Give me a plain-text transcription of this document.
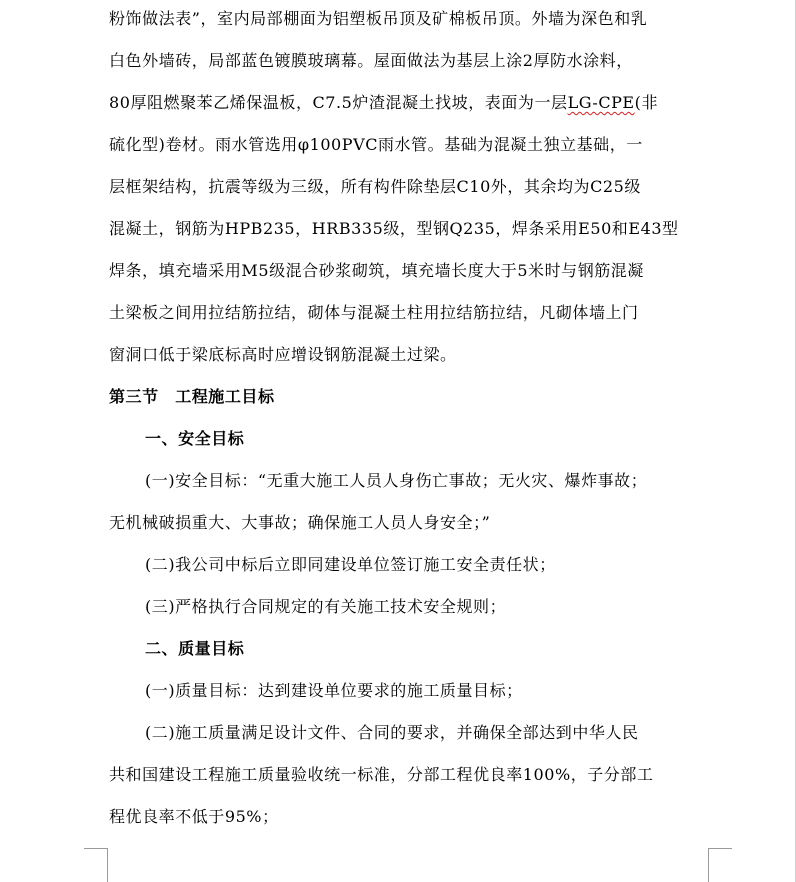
粉饰做法表”，室内局部棚面为铝塑板吊顶及矿棉板吊顶。外墙为深色和乳
白色外墙砖，局部蓝色镀膜玻璃幕。屋面做法为基层上涂2厚防水涂料，
80厚阻燃聚苯乙烯保温板，C7.5炉渣混凝土找坡，表面为一层LG-CPE(非
硫化型)卷材。雨水管选用φ100PVC雨水管。基础为混凝土独立基础，一
层框架结构，抗震等级为三级，所有构件除垫层C10外，其余均为C25级
混凝土，钢筋为HPB235，HRB335级，型钢Q235，焊条采用E50和E43型
焊条，填充墙采用M5级混合砂浆砌筑，填充墙长度大于5米时与钢筋混凝
土梁板之间用拉结筋拉结，砌体与混凝土柱用拉结筋拉结，凡砌体墙上门
窗洞口低于梁底标高时应增设钢筋混凝土过梁。
第三节　工程施工目标
一、安全目标
(一)安全目标：“无重大施工人员人身伤亡事故；无火灾、爆炸事故；
无机械破损重大、大事故；确保施工人员人身安全；”
(二)我公司中标后立即同建设单位签订施工安全责任状；
(三)严格执行合同规定的有关施工技术安全规则；
二、质量目标
(一)质量目标：达到建设单位要求的施工质量目标；
(二)施工质量满足设计文件、合同的要求，并确保全部达到中华人民
共和国建设工程施工质量验收统一标准，分部工程优良率100%，子分部工
程优良率不低于95%；
